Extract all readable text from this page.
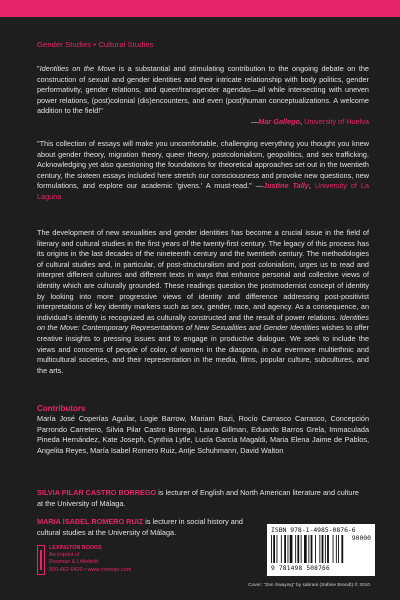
Gender Studies • Cultural Studies
"Identities on the Move is a substantial and stimulating contribution to the ongoing debate on the construction of sexual and gender identities and their intricate relationship with body politics, gender performativity, gender relations, and queer/transgender agendas—all while intersecting with uneven power relations, (post)colonial (dis)encounters, and even (post)human conceptualizations. A welcome addition to the field!"
—Mar Gallego, University of Huelva
"This collection of essays will make you uncomfortable, challenging everything you thought you knew about gender theory, migration theory, queer theory, postcolonialism, geopolitics, and sex trafficking. Acknowledging yet also questioning the foundations for theoretical approaches set out in the twentieth century, the sixteen essays included here stretch our consciousness and provoke new questions, new formulations, and explore our academic 'givens.' A must-read." —Justine Tally, University of La Laguna
The development of new sexualities and gender identities has become a crucial issue in the field of literary and cultural studies in the first years of the twenty-first century. The legacy of this process has its origins in the last decades of the nineteenth century and the twentieth century. The methodologies of cultural studies and, in particular, of post-structuralism and post colonialism, urges us to read and interpret different cultures and different texts in ways that enhance personal and collective views of identity which are culturally grounded. These readings question the postmodernist concept of identity by looking into more progressive views of identity and difference addressing post-positivist interpretations of key identity markers such as sex, gender, race, and agency. As a consequence, an individual's identity is recognized as culturally constructed and the result of power relations. Identities on the Move: Contemporary Representations of New Sexualities and Gender Identities wishes to offer creative insights to pressing issues and to engage in productive dialogue. We seek to include the views and concerns of people of color, of women in the diaspora, in our evermore multiethnic and multicultural societies, and their representation in the media, films, popular culture, subcultures, and the arts.
Contributors
María José Coperías Aguilar, Logie Barrow, Mariam Bazi, Rocío Carrasco Carrasco, Concepción Parrondo Carretero, Silvia Pilar Castro Borrego, Laura Gillman, Eduardo Barros Grela, Immaculada Pineda Hernández, Kate Joseph, Cynthia Lytle, Lucía García Magaldi, Maria Elena Jaime de Pablos, Angelita Reyes, María Isabel Romero Ruiz, Antje Schuhmann, David Walton
SILVIA PILAR CASTRO BORREGO is lecturer of English and North American literature and culture at the University of Málaga.
MARIA ISABEL ROMERO RUIZ is lecturer in social history and cultural studies at the University of Málaga.
LEXINGTON BOOKS
An imprint of
Rowman & Littlefield
800-462-6420 • www.rowman.com
ISBN 978-1-4985-0876-6
90000
9 781498 508766
Cover: "Zen Swaying" by sabrani (Sabine Brandt) © 2010
